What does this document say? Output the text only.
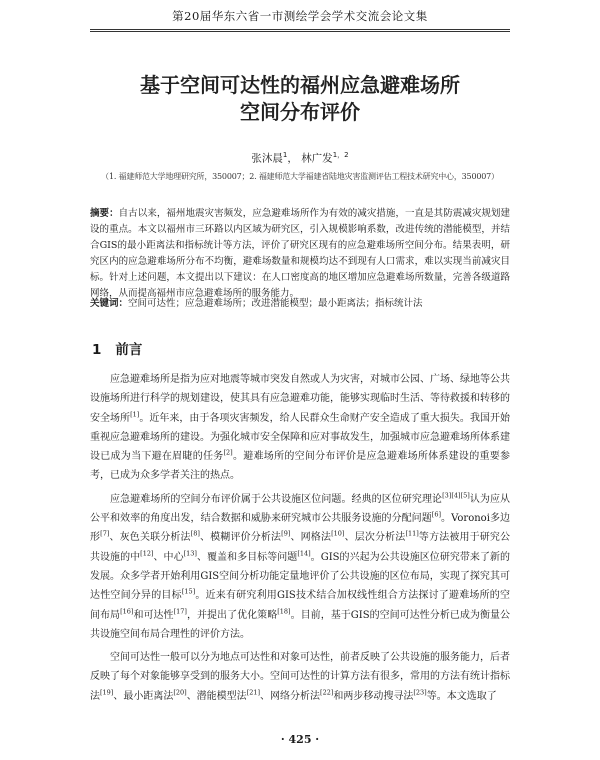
第20届华东六省一市测绘学会学术交流会论文集
基于空间可达性的福州应急避难场所
空间分布评价
张沐晨$^1$， 林广发$^{1,2}$
（1. 福建师范大学地理研究所，350007；2. 福建师范大学福建省陆地灾害监测评估工程技术研究中心，350007）
摘要：自古以来，福州地震灾害频发，应急避难场所作为有效的减灾措施，一直是其防震减灾规划建设的重点。本文以福州市三环路以内区域为研究区，引入规模影响系数，改进传统的潜能模型，并结合GIS的最小距离法和指标统计等方法，评价了研究区现有的应急避难场所空间分布。结果表明，研究区内的应急避难场所分布不均衡，避难场数量和规模均达不到现有人口需求，难以实现当前减灾目标。针对上述问题，本文提出以下建议：在人口密度高的地区增加应急避难场所数量，完善各级道路网络，从而提高福州市应急避难场所的服务能力。
关键词：空间可达性；应急避难场所；改进潜能模型；最小距离法；指标统计法
1 前言

应急避难场所是指为应对地震等城市突发自然或人为灾害，对城市公园、广场、绿地等公共设施场所进行科学的规划建设，使其具有应急避难功能，能够实现临时生活、等待救援和转移的安全场所[1]。近年来，由于各项灾害频发，给人民群众生命财产安全造成了重大损失。我国开始重视应急避难场所的建设。为强化城市安全保障和应对事故发生，加强城市应急避难场所体系建设已成为当下避在眉睫的任务[2]。避难场所的空间分布评价是应急避难场所体系建设的重要参考，已成为众多学者关注的热点。

应急避难场所的空间分布评价属于公共设施区位问题。经典的区位研究理论[3][4][5]认为应从公平和效率的角度出发，结合数据和威胁来研究城市公共服务设施的分配问题[6]。Voronoi多边形[7]、灰色关联分析法[8]、模糊评价分析法[9]、网格法[10]、层次分析法[11]等方法被用于研究公共设施的中[12]、中心[13]、覆盖和多目标等问题[14]。GIS的兴起为公共设施区位研究带来了新的发展。众多学者开始利用GIS空间分析功能定量地评价了公共设施的区位布局，实现了探究其可达性空间分异的目标[15]。近来有研究利用GIS技术结合加权线性组合方法探讨了避难场所的空间布局[16]和可达性[17]，并提出了优化策略[18]。目前，基于GIS的空间可达性分析已成为衡量公共设施空间布局合理性的评价方法。

空间可达性一般可以分为地点可达性和对象可达性，前者反映了公共设施的服务能力，后者反映了每个对象能够享受到的服务大小。空间可达性的计算方法有很多，常用的方法有统计指标法[19]、最小距离法[20]、潜能模型法[21]、网络分析法[22]和两步移动搜寻法[23]等。本文选取了

· 425 ·
